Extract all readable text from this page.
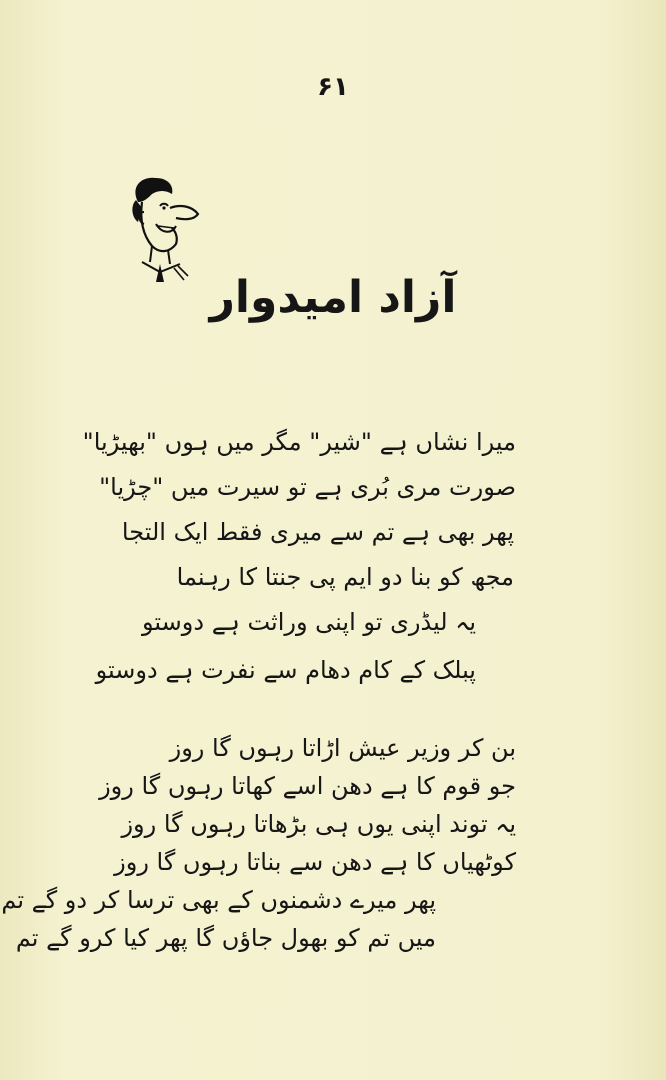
۶۱
آزاد امیدوار
میرا نشاں ہے "شیر" مگر میں ہوں "بھیڑیا"
صورت مری بُری ہے تو سیرت میں "چڑیا"
پھر بھی ہے تم سے میری فقط ایک التجا
مجھ کو بنا دو ایم پی جنتا کا رہنما
یہ لیڈری تو اپنی وراثت ہے دوستو
پبلک کے کام دھام سے نفرت ہے دوستو
بن کر وزیر عیش اڑاتا رہوں گا روز
جو قوم کا ہے دھن اسے کھاتا رہوں گا روز
یہ توند اپنی یوں ہی بڑھاتا رہوں گا روز
کوٹھیاں کا ہے دھن سے بناتا رہوں گا روز
پھر میرے دشمنوں کے بھی ترسا کر دو گے تم
میں تم کو بھول جاؤں گا پھر کیا کرو گے تم
